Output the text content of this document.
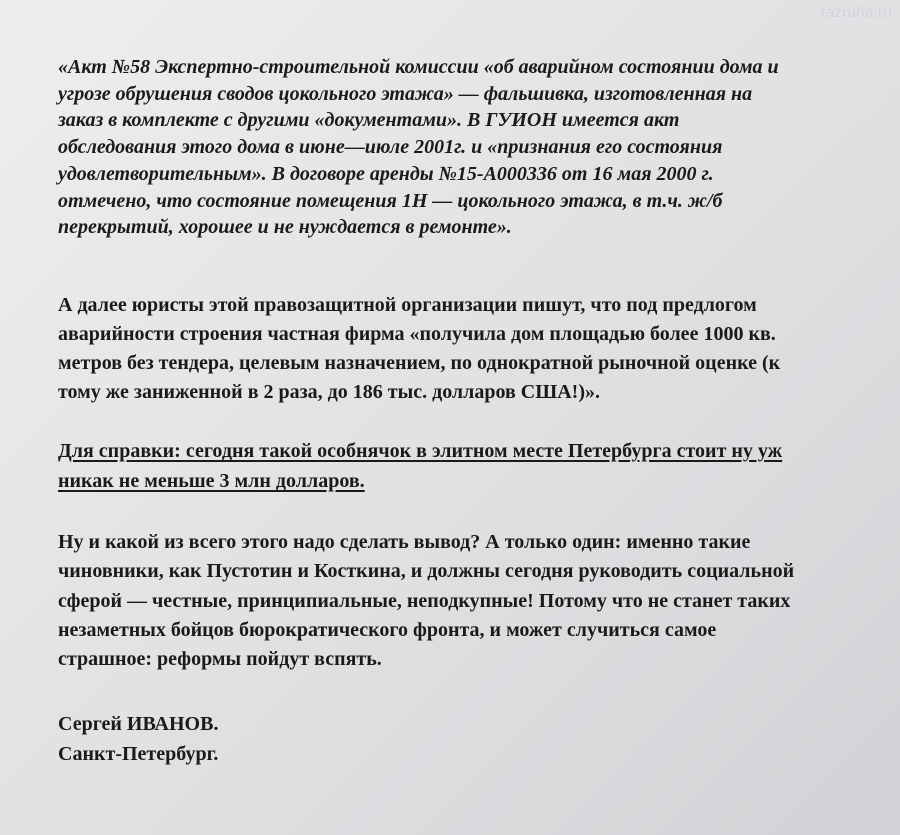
razruha.ru

«Акт №58 Экспертно-строительной комиссии «об аварийном состоянии дома и
угрозе обрушения сводов цокольного этажа» — фальшивка, изготовленная на
заказ в комплекте с другими «документами». В ГУИОН имеется акт
обследования этого дома в июне—июле 2001г. и «признания его состояния
удовлетворительным». В договоре аренды №15-А000336 от 16 мая 2000 г.
отмечено, что состояние помещения 1Н — цокольного этажа, в т.ч. ж/б
перекрытий, хорошее и не нуждается в ремонте».

А далее юристы этой правозащитной организации пишут, что под предлогом
аварийности строения частная фирма «получила дом площадью более 1000 кв.
метров без тендера, целевым назначением, по однократной рыночной оценке (к
тому же заниженной в 2 раза, до 186 тыс. долларов США!)».

Для справки: сегодня такой особнячок в элитном месте Петербурга стоит ну уж
никак не меньше 3 млн долларов.

Ну и какой из всего этого надо сделать вывод? А только один: именно такие
чиновники, как Пустотин и Косткина, и должны сегодня руководить социальной
сферой — честные, принципиальные, неподкупные! Потому что не станет таких
незаметных бойцов бюрократического фронта, и может случиться самое
страшное: реформы пойдут вспять.

Сергей ИВАНОВ.
Санкт-Петербург.
